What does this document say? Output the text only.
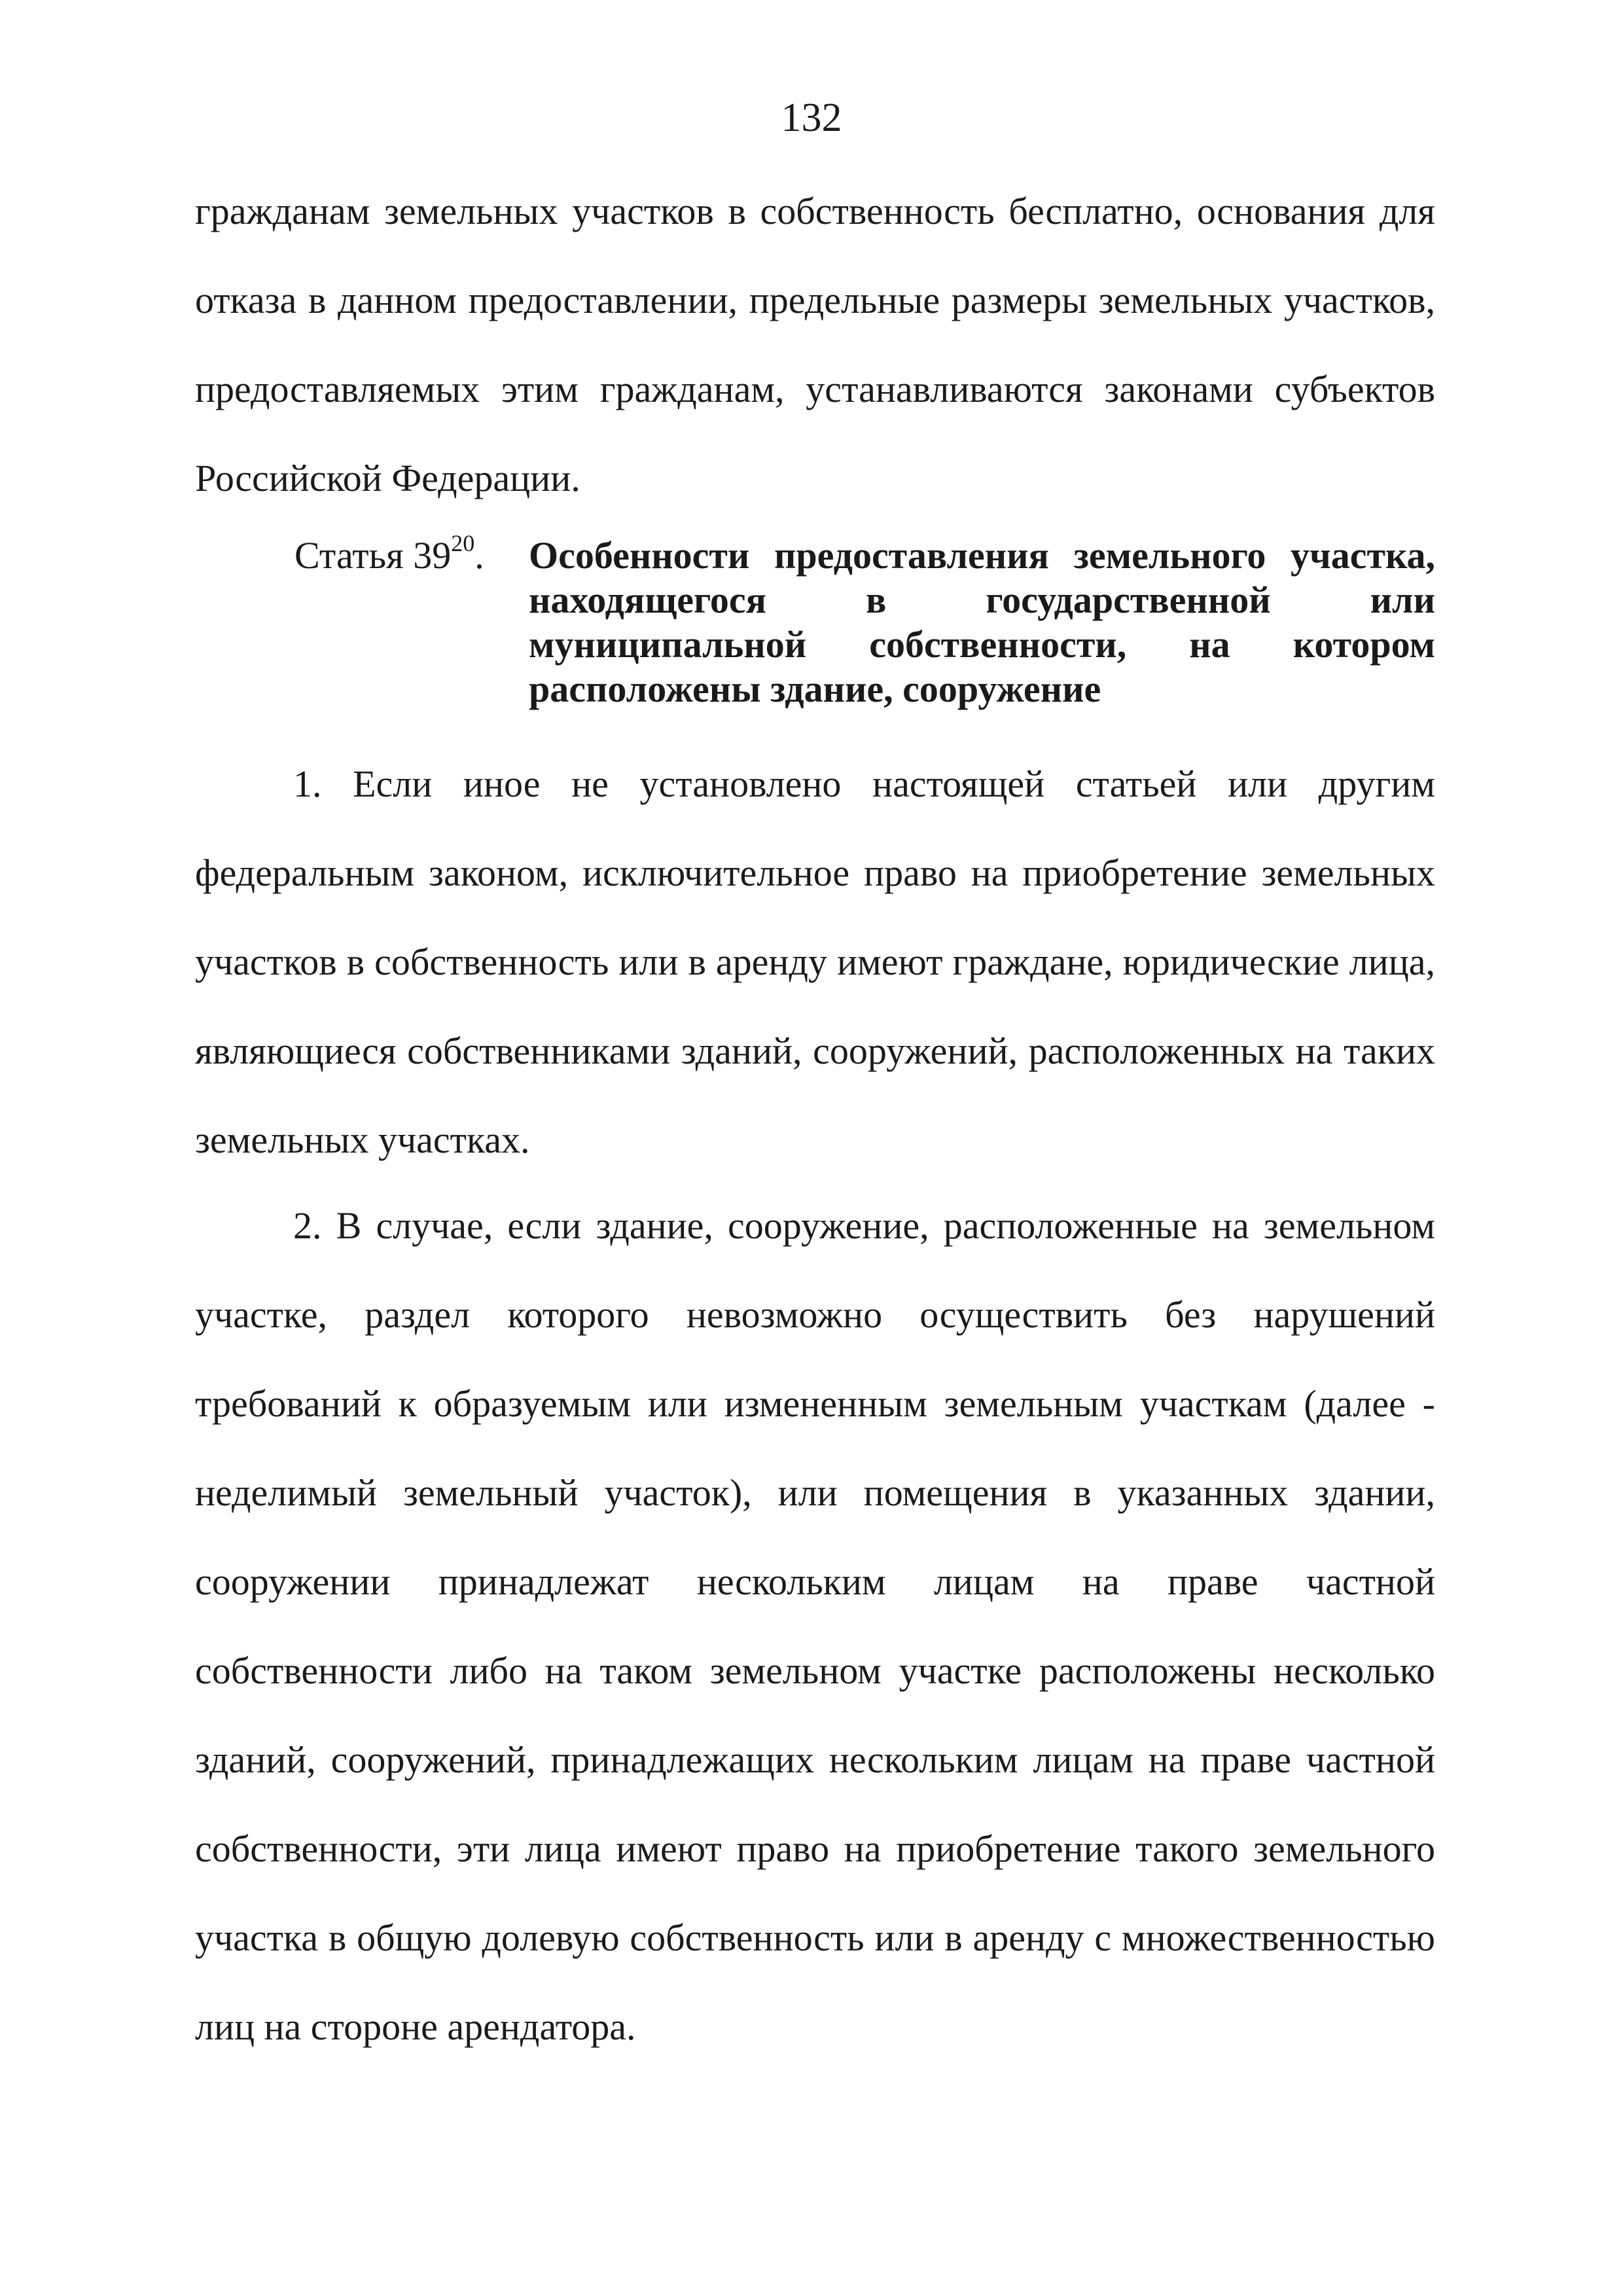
132

гражданам земельных участков в собственность бесплатно, основания для отказа в данном предоставлении, предельные размеры земельных участков, предоставляемых этим гражданам, устанавливаются законами субъектов Российской Федерации.

Статья $39^{20}$. Особенности предоставления земельного участка, находящегося в государственной или муниципальной собственности, на котором расположены здание, сооружение

1. Если иное не установлено настоящей статьей или другим федеральным законом, исключительное право на приобретение земельных участков в собственность или в аренду имеют граждане, юридические лица, являющиеся собственниками зданий, сооружений, расположенных на таких земельных участках.

2. В случае, если здание, сооружение, расположенные на земельном участке, раздел которого невозможно осуществить без нарушений требований к образуемым или измененным земельным участкам (далее - неделимый земельный участок), или помещения в указанных здании, сооружении принадлежат нескольким лицам на праве частной собственности либо на таком земельном участке расположены несколько зданий, сооружений, принадлежащих нескольким лицам на праве частной собственности, эти лица имеют право на приобретение такого земельного участка в общую долевую собственность или в аренду с множественностью лиц на стороне арендатора.
